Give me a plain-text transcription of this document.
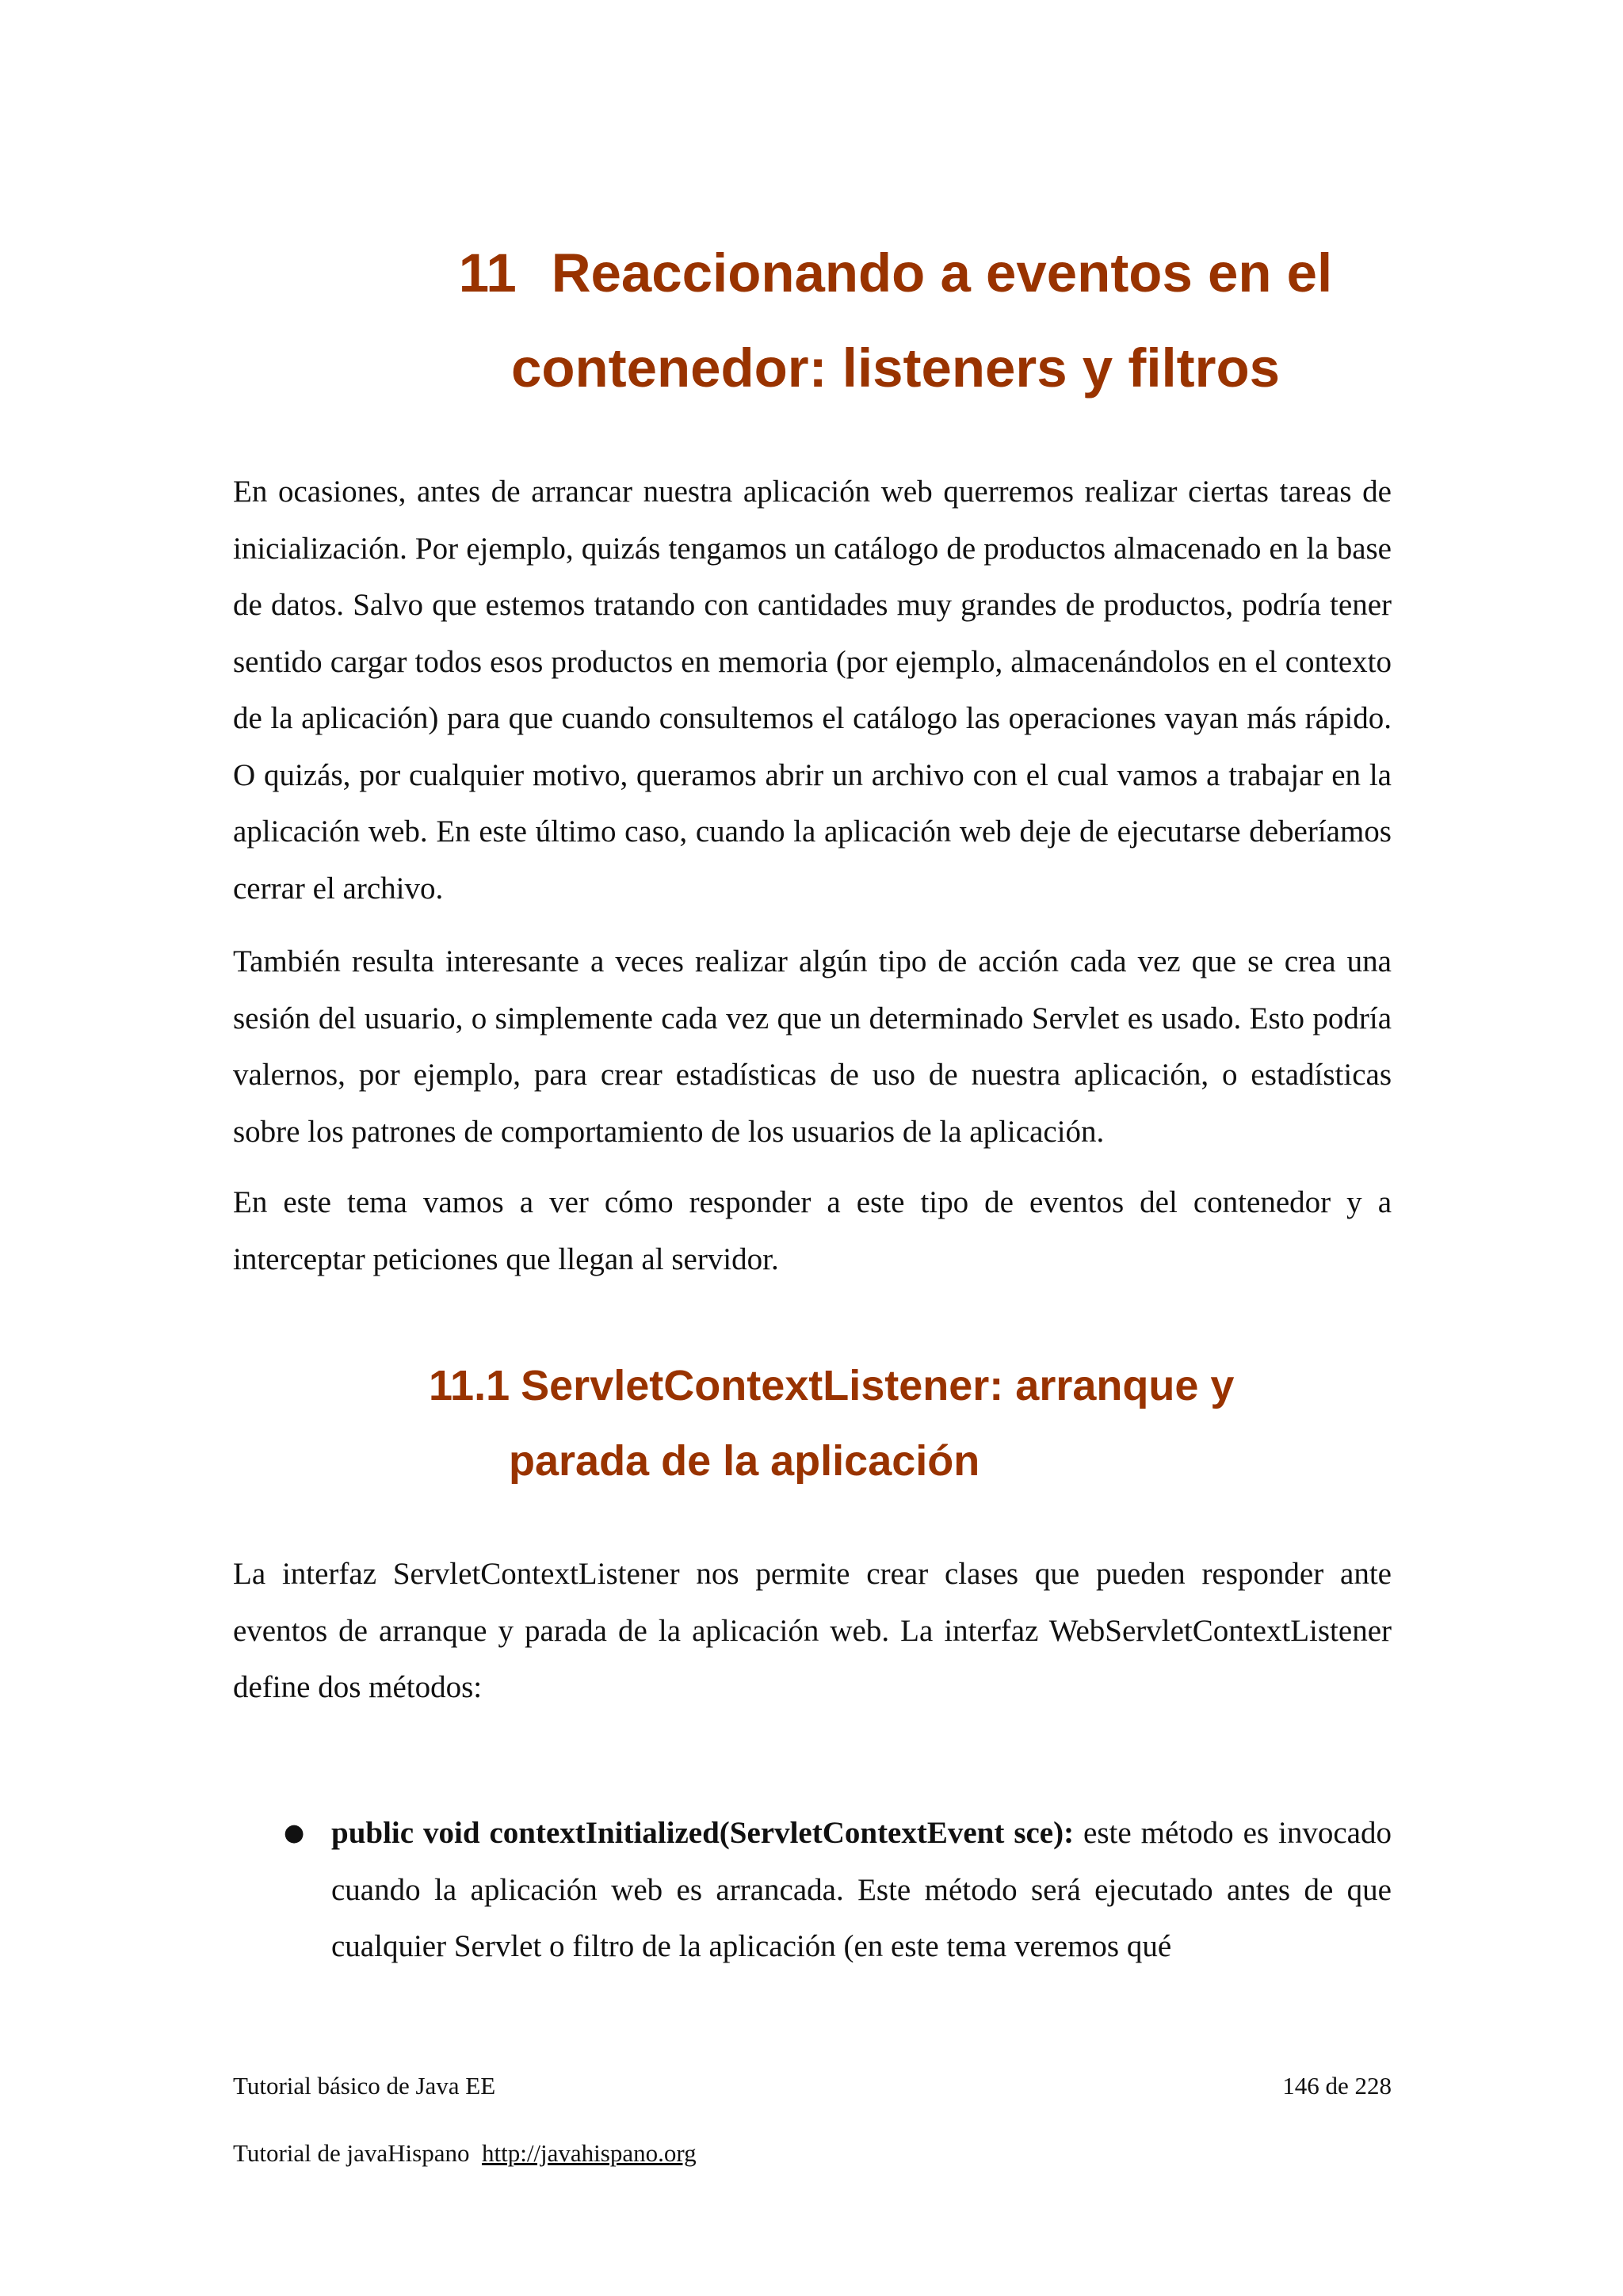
11 Reaccionando a eventos en el
contenedor: listeners y filtros

En ocasiones, antes de arrancar nuestra aplicación web querremos realizar ciertas tareas de inicialización. Por ejemplo, quizás tengamos un catálogo de productos almacenado en la base de datos. Salvo que estemos tratando con cantidades muy grandes de productos, podría tener sentido cargar todos esos productos en memoria (por ejemplo, almacenándolos en el contexto de la aplicación) para que cuando consultemos el catálogo las operaciones vayan más rápido. O quizás, por cualquier motivo, queramos abrir un archivo con el cual vamos a trabajar en la aplicación web. En este último caso, cuando la aplicación web deje de ejecutarse deberíamos cerrar el archivo.

También resulta interesante a veces realizar algún tipo de acción cada vez que se crea una sesión del usuario, o simplemente cada vez que un determinado Servlet es usado. Esto podría valernos, por ejemplo, para crear estadísticas de uso de nuestra aplicación, o estadísticas sobre los patrones de comportamiento de los usuarios de la aplicación.

En este tema vamos a ver cómo responder a este tipo de eventos del contenedor y a interceptar peticiones que llegan al servidor.

11.1 ServletContextListener: arranque y
parada de la aplicación

La interfaz ServletContextListener nos permite crear clases que pueden responder ante eventos de arranque y parada de la aplicación web. La interfaz WebServletContextListener define dos métodos:

● public void contextInitialized(ServletContextEvent sce): este método es invocado cuando la aplicación web es arrancada. Este método será ejecutado antes de que cualquier Servlet o filtro de la aplicación (en este tema veremos qué
Tutorial básico de Java EE	146 de 228
Tutorial de javaHispano http://javahispano.org
